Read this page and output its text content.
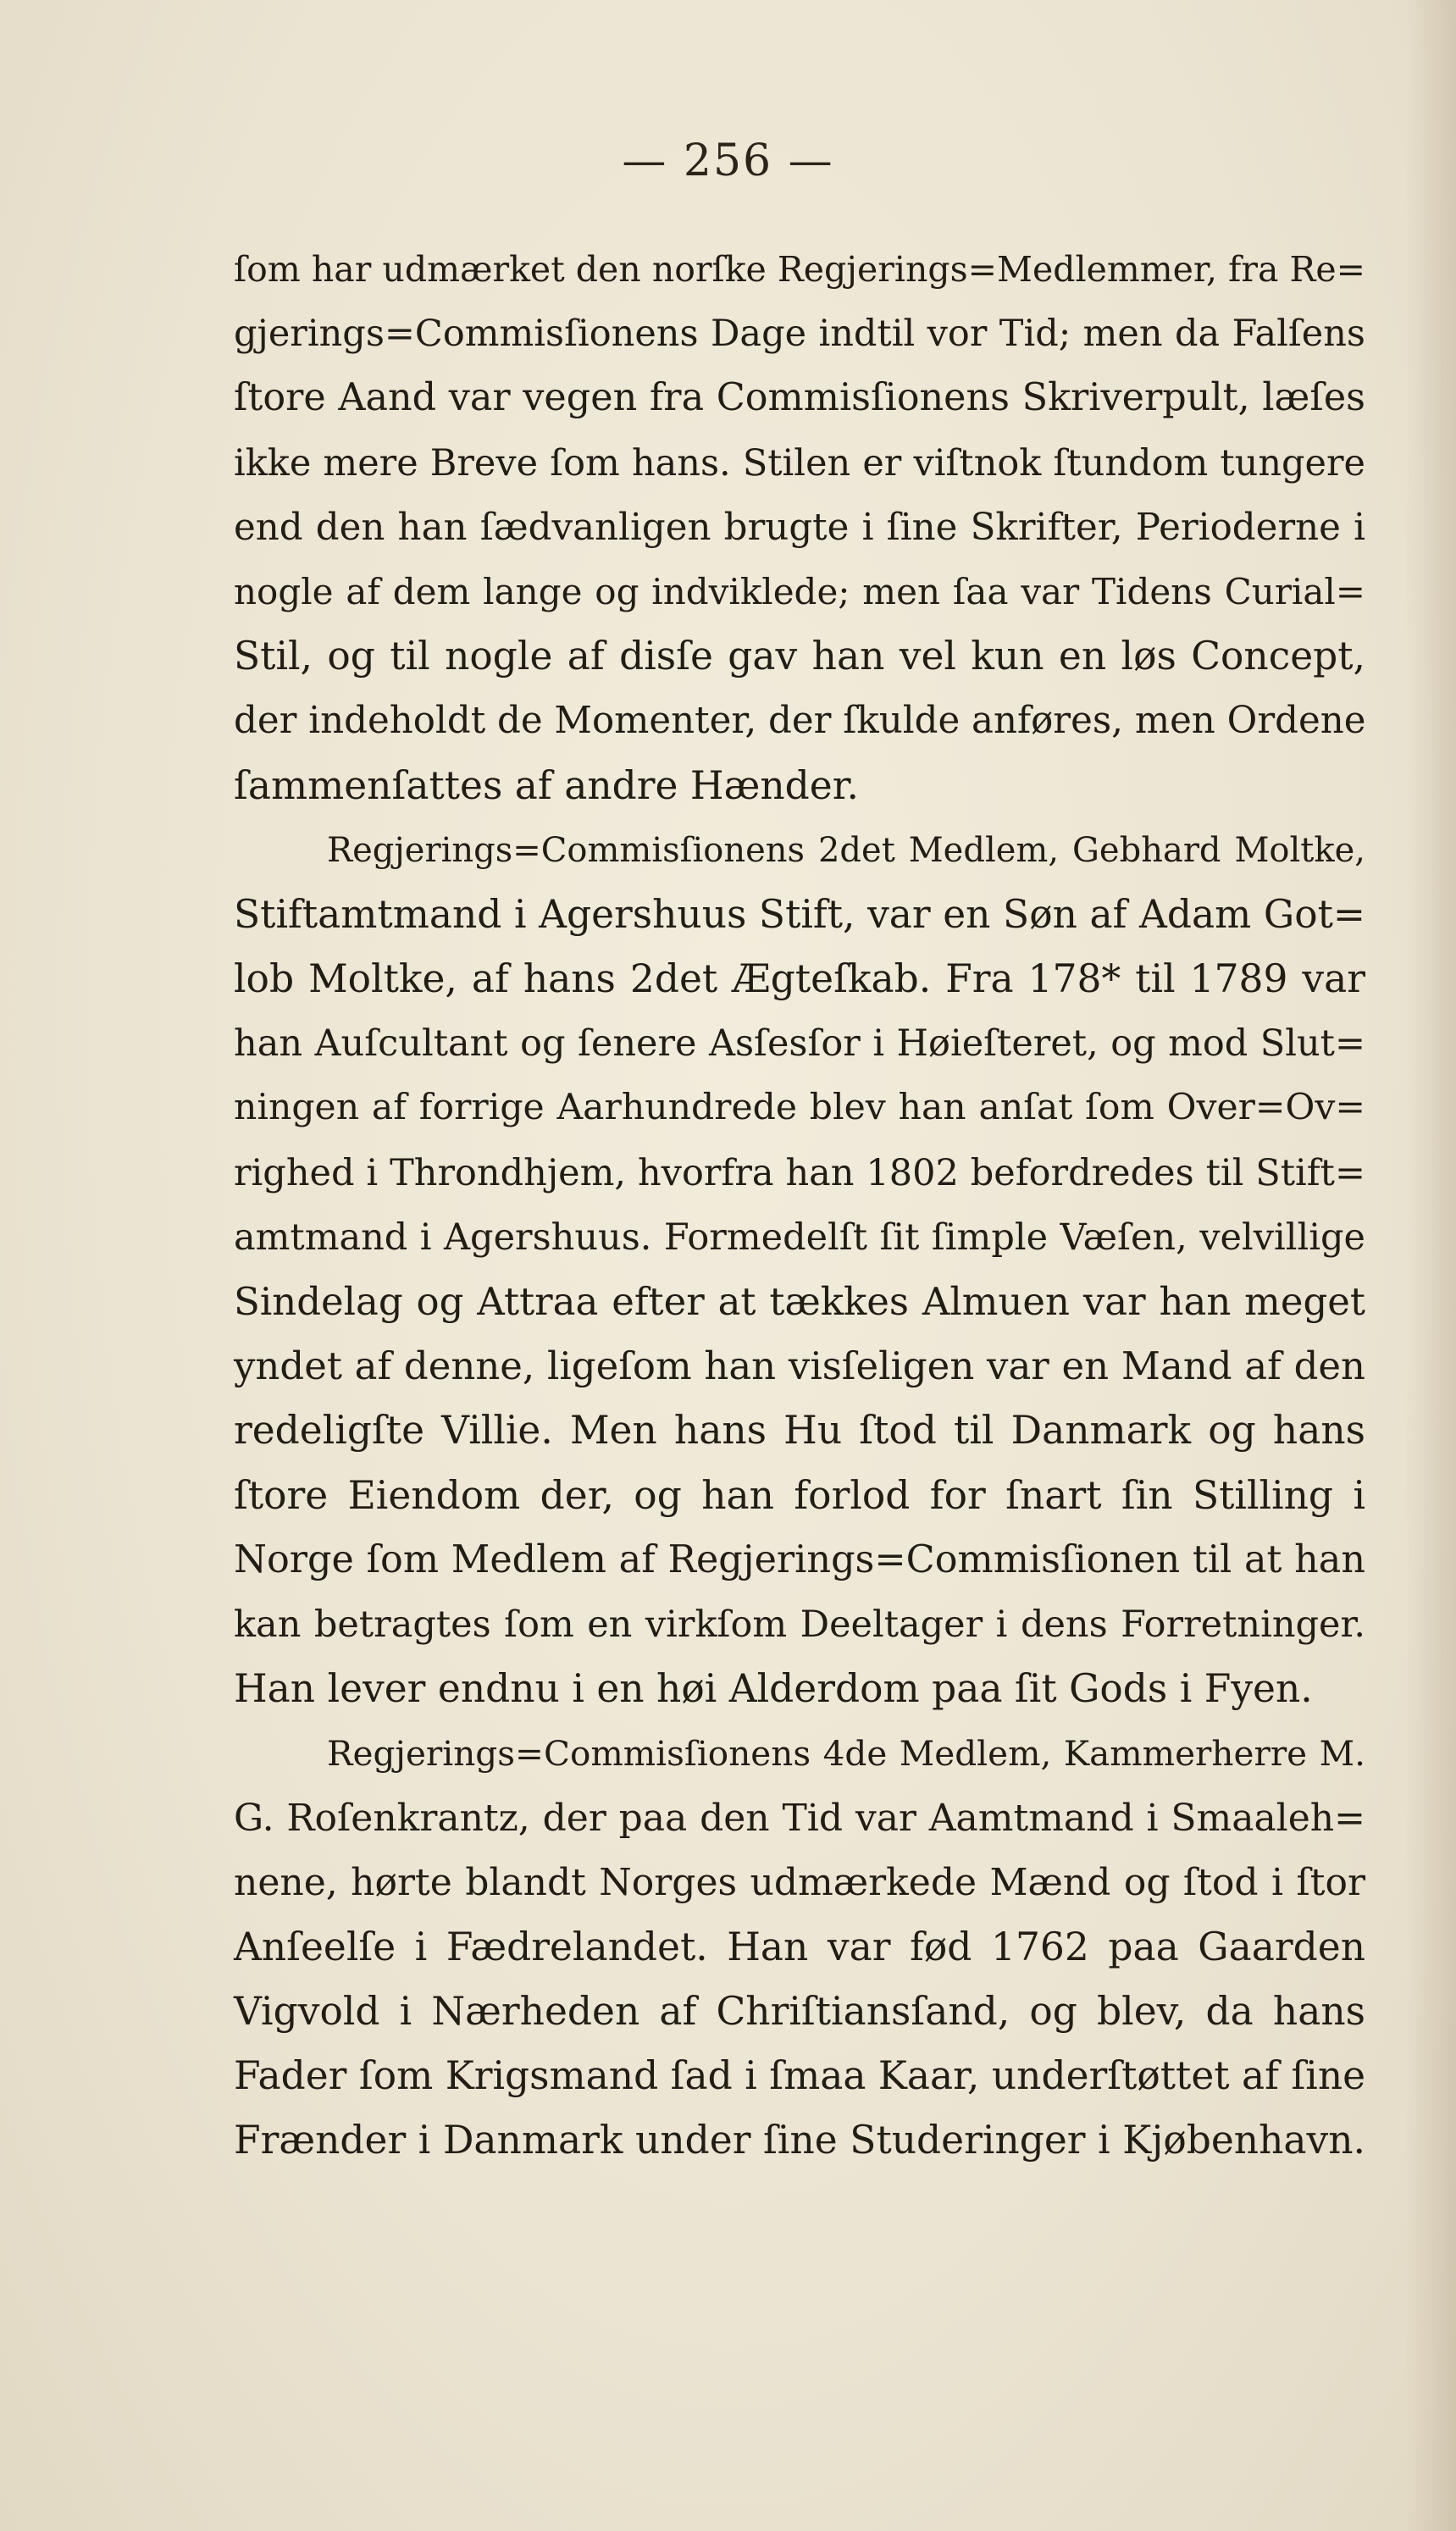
— 256 —
ſom har udmærket den norſke Regjerings=Medlemmer, fra Re=
gjerings=Commisſionens Dage indtil vor Tid; men da Falſens
ſtore Aand var vegen fra Commisſionens Skriverpult, læſes
ikke mere Breve ſom hans. Stilen er viſtnok ſtundom tungere
end den han ſædvanligen brugte i ſine Skrifter, Perioderne i
nogle af dem lange og indviklede; men ſaa var Tidens Curial=
Stil, og til nogle af disſe gav han vel kun en løs Concept,
der indeholdt de Momenter, der ſkulde anføres, men Ordene
ſammenſattes af andre Hænder.
Regjerings=Commisſionens 2det Medlem, Gebhard Moltke,
Stiftamtmand i Agershuus Stift, var en Søn af Adam Got=
lob Moltke, af hans 2det Ægteſkab. Fra 178* til 1789 var
han Auſcultant og ſenere Asſesſor i Høieſteret, og mod Slut=
ningen af forrige Aarhundrede blev han anſat ſom Over=Ov=
righed i Throndhjem, hvorfra han 1802 befordredes til Stift=
amtmand i Agershuus. Formedelſt ſit ſimple Væſen, velvillige
Sindelag og Attraa efter at tækkes Almuen var han meget
yndet af denne, ligeſom han visſeligen var en Mand af den
redeligſte Villie. Men hans Hu ſtod til Danmark og hans
ſtore Eiendom der, og han forlod for ſnart ſin Stilling i
Norge ſom Medlem af Regjerings=Commisſionen til at han
kan betragtes ſom en virkſom Deeltager i dens Forretninger.
Han lever endnu i en høi Alderdom paa ſit Gods i Fyen.
Regjerings=Commisſionens 4de Medlem, Kammerherre M.
G. Roſenkrantz, der paa den Tid var Aamtmand i Smaaleh=
nene, hørte blandt Norges udmærkede Mænd og ſtod i ſtor
Anſeelſe i Fædrelandet. Han var fød 1762 paa Gaarden
Vigvold i Nærheden af Chriſtiansſand, og blev, da hans
Fader ſom Krigsmand ſad i ſmaa Kaar, underſtøttet af ſine
Frænder i Danmark under ſine Studeringer i Kjøbenhavn.
